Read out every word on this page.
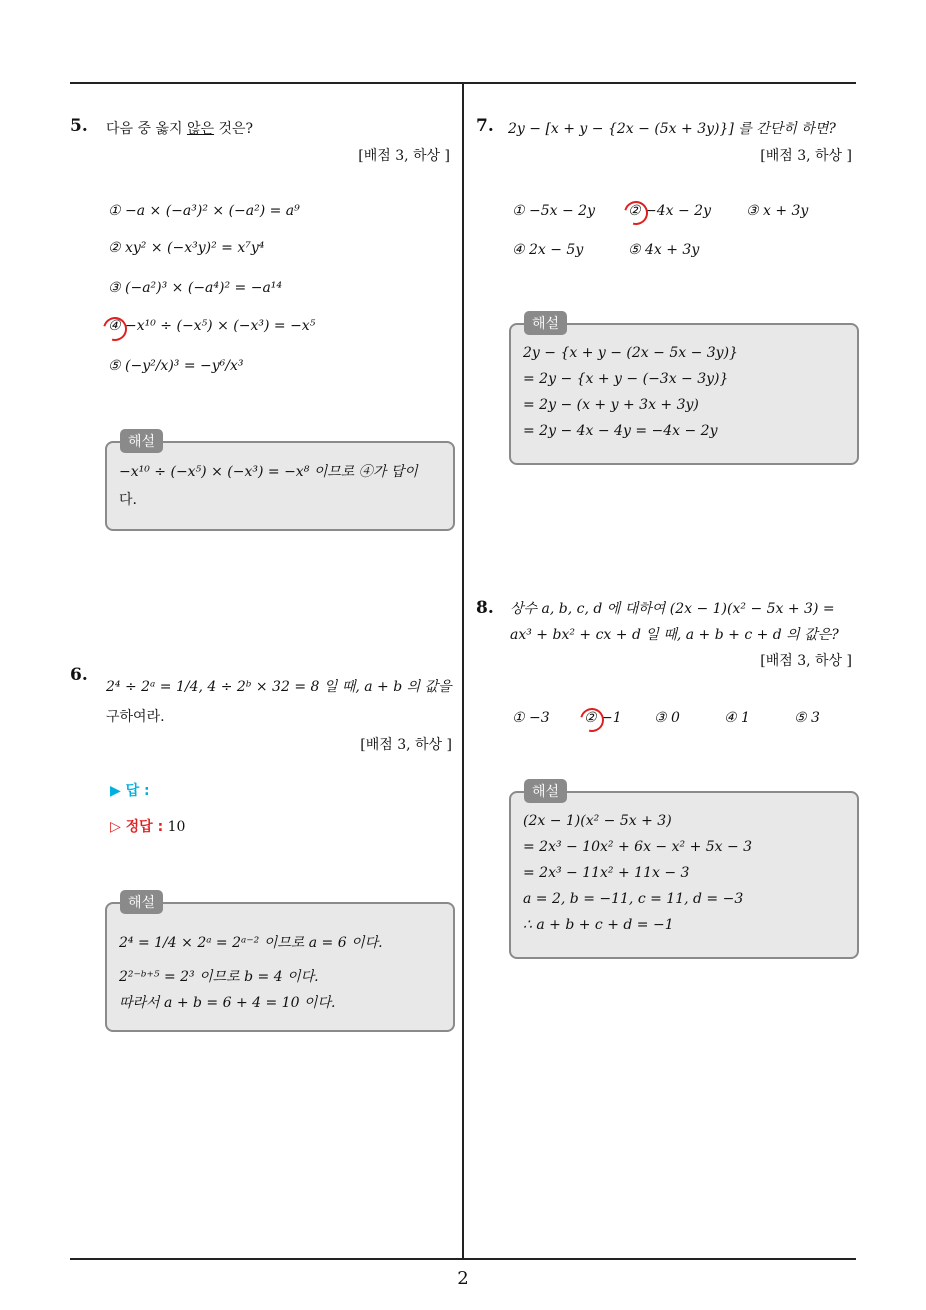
5. 다음 중 옳지 않은 것은?
[배점 3, 하상 ]
① −a × (−a³)² × (−a²) = a⁹
② xy² × (−x³y)² = x⁷y⁴
③ (−a²)³ × (−a⁴)² = −a¹⁴
④ −x¹⁰ ÷ (−x⁵) × (−x³) = −x⁵
⑤ (−y²/x)³ = −y⁶/x³
−x¹⁰ ÷ (−x⁵) × (−x³) = −x⁸ 이므로 ④가 답이
다.
해설
6.
2⁴ ÷ 2ᵃ = 1/4, 4 ÷ 2ᵇ × 32 = 8 일 때, a + b 의 값을
구하여라.
[배점 3, 하상 ]
▶ 답 :
▷ 정답 : 10
2⁴ = 1/4 × 2ᵃ = 2ᵃ⁻² 이므로 a = 6 이다.
2²⁻ᵇ⁺⁵ = 2³ 이므로 b = 4 이다.
따라서 a + b = 6 + 4 = 10 이다.
해설
7. 2y − [x + y − {2x − (5x + 3y)}] 를 간단히 하면?
[배점 3, 하상 ]
① −5x − 2y ② −4x − 2y	③ x + 3y
④ 2x − 5y	⑤ 4x + 3y
2y − {x + y − (2x − 5x − 3y)}
= 2y − {x + y − (−3x − 3y)}
= 2y − (x + y + 3x + 3y)
= 2y − 4x − 4y = −4x − 2y
해설
8. 상수 a, b, c, d 에 대하여 (2x − 1)(x² − 5x + 3) =
ax³ + bx² + cx + d 일 때, a + b + c + d 의 값은?
[배점 3, 하상 ]
① −3 ② −1 ③ 0	④ 1	⑤ 3
(2x − 1)(x² − 5x + 3)
= 2x³ − 10x² + 6x − x² + 5x − 3
= 2x³ − 11x² + 11x − 3
a = 2, b = −11, c = 11, d = −3
∴ a + b + c + d = −1
해설
2
